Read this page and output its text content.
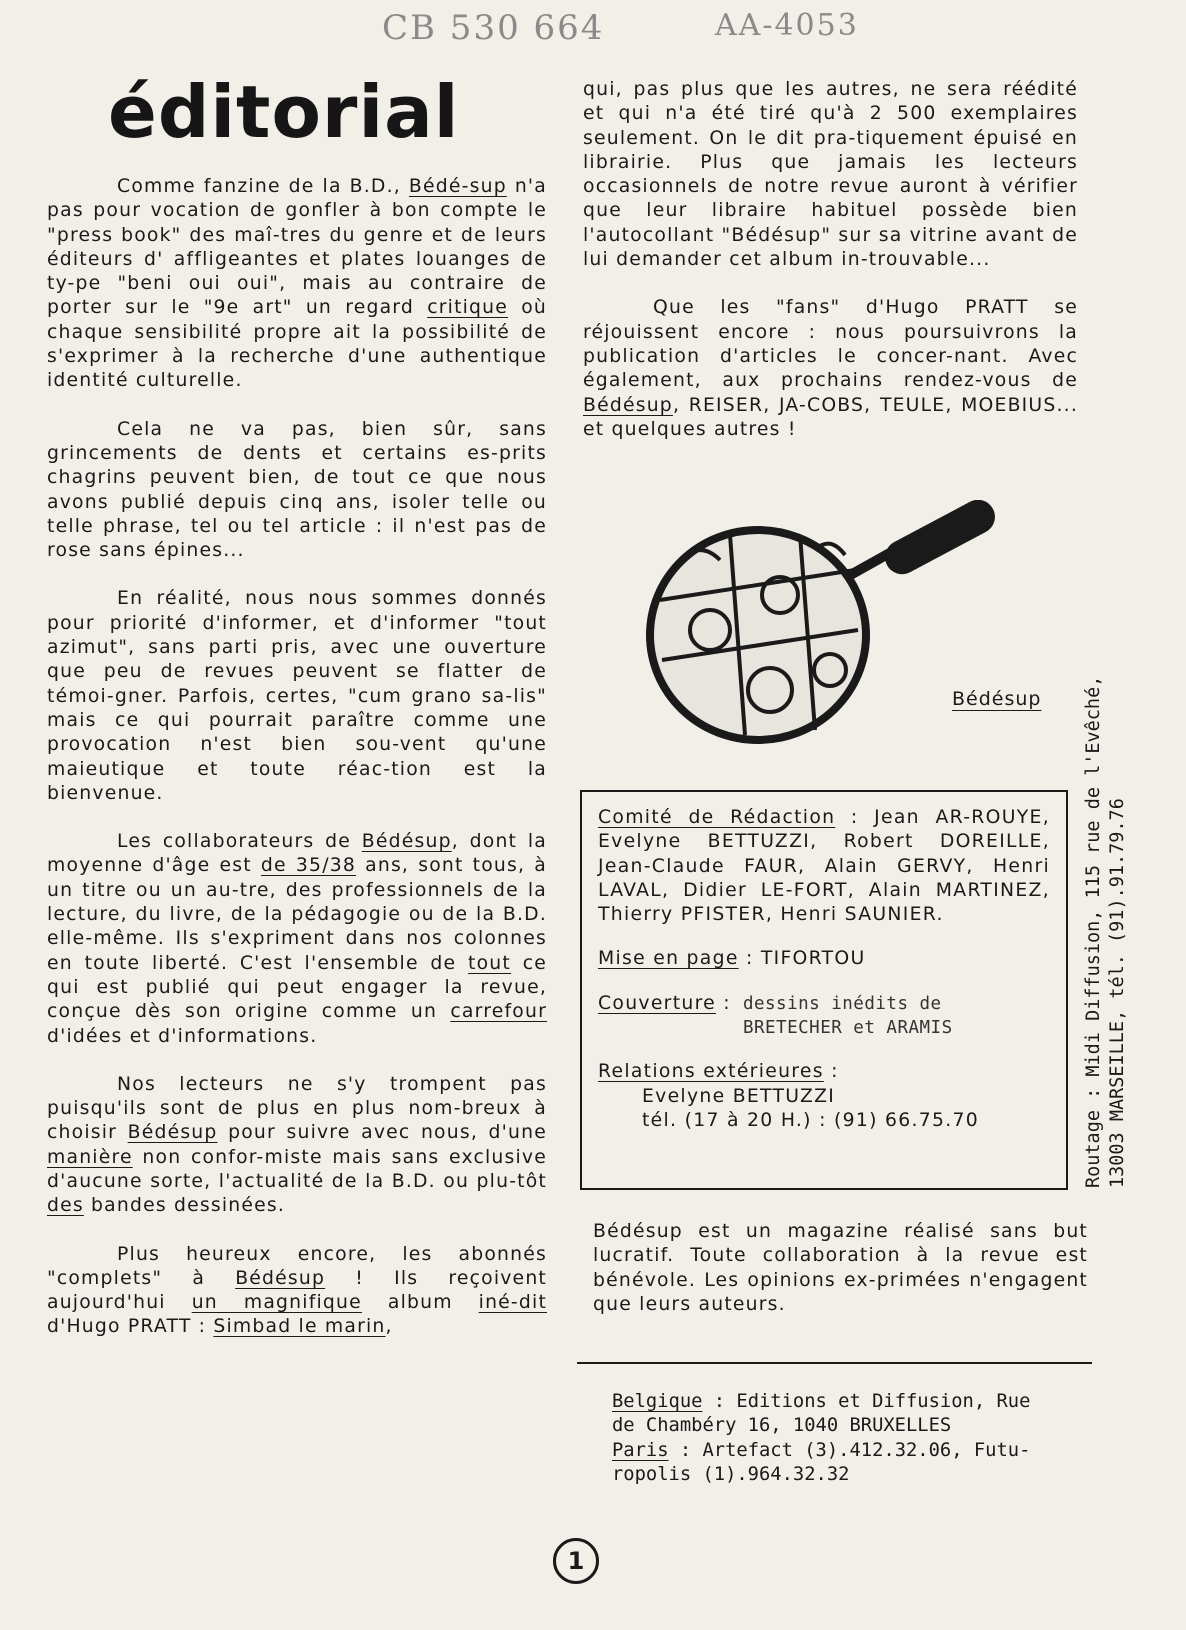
CB 530 664	AA-4053
éditorial

Comme fanzine de la B.D., Bédé-sup n'a pas pour vocation de gonfler à bon compte le "press book" des maî-tres du genre et de leurs éditeurs d' affligeantes et plates louanges de ty-pe "beni oui oui", mais au contraire de porter sur le "9e art" un regard critique où chaque sensibilité propre ait la possibilité de s'exprimer à la recherche d'une authentique identité culturelle.

Cela ne va pas, bien sûr, sans grincements de dents et certains es-prits chagrins peuvent bien, de tout ce que nous avons publié depuis cinq ans, isoler telle ou telle phrase, tel ou tel article : il n'est pas de rose sans épines...

En réalité, nous nous sommes donnés pour priorité d'informer, et d'informer "tout azimut", sans parti pris, avec une ouverture que peu de revues peuvent se flatter de témoi-gner. Parfois, certes, "cum grano sa-lis" mais ce qui pourrait paraître comme une provocation n'est bien sou-vent qu'une maieutique et toute réac-tion est la bienvenue.

Les collaborateurs de Bédésup, dont la moyenne d'âge est de 35/38 ans, sont tous, à un titre ou un au-tre, des professionnels de la lecture, du livre, de la pédagogie ou de la B.D. elle-même. Ils s'expriment dans nos colonnes en toute liberté. C'est l'ensemble de tout ce qui est publié qui peut engager la revue, conçue dès son origine comme un carrefour d'idées et d'informations.

Nos lecteurs ne s'y trompent pas puisqu'ils sont de plus en plus nom-breux à choisir Bédésup pour suivre avec nous, d'une manière non confor-miste mais sans exclusive d'aucune sorte, l'actualité de la B.D. ou plu-tôt des bandes dessinées.

Plus heureux encore, les abonnés "complets" à Bédésup ! Ils reçoivent aujourd'hui un magnifique album iné-dit d'Hugo PRATT : Simbad le marin,

qui, pas plus que les autres, ne sera réédité et qui n'a été tiré qu'à 2 500 exemplaires seulement. On le dit pra-tiquement épuisé en librairie. Plus que jamais les lecteurs occasionnels de notre revue auront à vérifier que leur libraire habituel possède bien l'autocollant "Bédésup" sur sa vitrine avant de lui demander cet album in-trouvable...

Que les "fans" d'Hugo PRATT se réjouissent encore : nous poursuivrons la publication d'articles le concer-nant. Avec également, aux prochains rendez-vous de Bédésup, REISER, JA-COBS, TEULE, MOEBIUS... et quelques autres !

Bédésup
Comité de Rédaction : Jean AR-ROUYE, Evelyne BETTUZZI, Robert DOREILLE, Jean-Claude FAUR, Alain GERVY, Henri LAVAL, Didier LE-FORT, Alain MARTINEZ, Thierry PFISTER, Henri SAUNIER.
Mise en page : TIFORTOU
Couverture : dessins inédits de
BRETECHER et ARAMIS
Relations extérieures :
Evelyne BETTUZZI
tél. (17 à 20 H.) : (91) 66.75.70	Routage : Midi Diffusion, 115 rue de l'Evêché, 13003 MARSEILLE, tél. (91).91.79.76
Bédésup est un magazine réalisé sans but lucratif. Toute collaboration à la revue est bénévole. Les opinions ex-primées n'engagent que leurs auteurs.
Belgique : Editions et Diffusion, Rue
de Chambéry 16, 1040 BRUXELLES
Paris : Artefact (3).412.32.06, Futu-
ropolis (1).964.32.32
1
